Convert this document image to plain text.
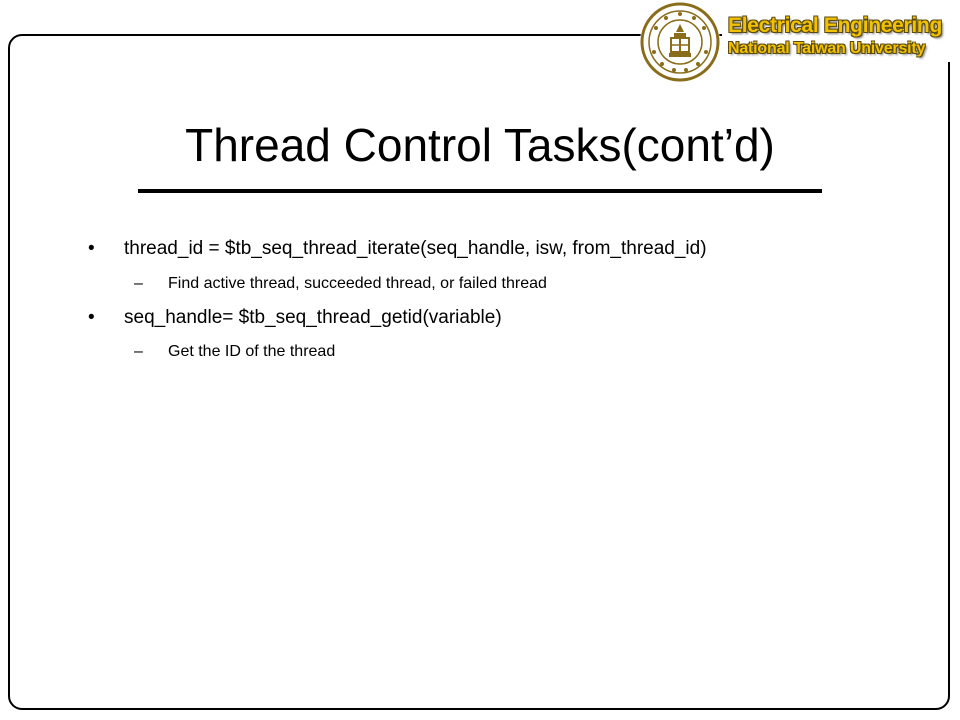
Electrical Engineering
National Taiwan University
Thread Control Tasks(cont’d)
• thread_id = $tb_seq_thread_iterate(seq_handle, isw, from_thread_id)
– Find active thread, succeeded thread, or failed thread
• seq_handle= $tb_seq_thread_getid(variable)
– Get the ID of the thread
